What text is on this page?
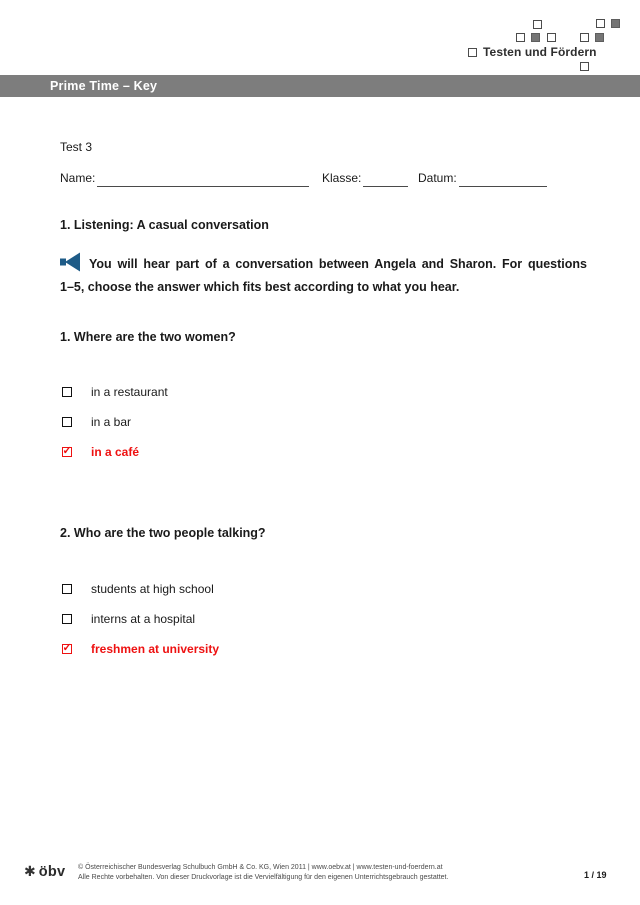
Testen und Fördern
Prime Time – Key
Test 3
Name:	Klasse:	Datum:
1. Listening: A casual conversation

You will hear part of a conversation between Angela and Sharon. For questions
1–5, choose the answer which fits best according to what you hear.

1. Where are the two women?
in a restaurant
in a bar
✓
in a café
2. Who are the two people talking?
students at high school
interns at a hospital
✓
freshmen at university
✱ öbv © Österreichischer Bundesverlag Schulbuch GmbH & Co. KG, Wien 2011 | www.oebv.at | www.testen-und-foerdern.at
Alle Rechte vorbehalten. Von dieser Druckvorlage ist die Vervielfältigung für den eigenen Unterrichtsgebrauch gestattet.	1 / 19
